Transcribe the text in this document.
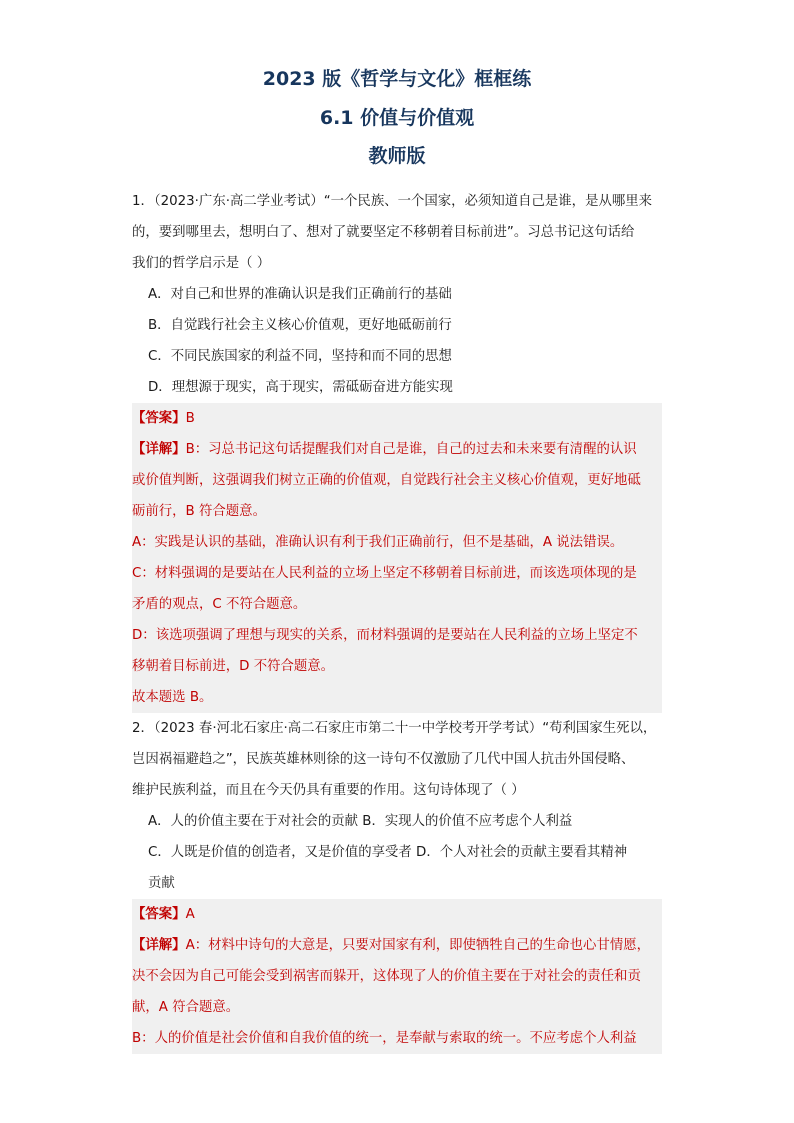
2023 版《哲学与文化》框框练
6.1 价值与价值观
教师版
1．（2023·广东·高二学业考试）“一个民族、一个国家，必须知道自己是谁，是从哪里来
的，要到哪里去，想明白了、想对了就要坚定不移朝着目标前进”。习总书记这句话给
我们的哲学启示是（ ）
A．对自己和世界的准确认识是我们正确前行的基础
B．自觉践行社会主义核心价值观，更好地砥砺前行
C．不同民族国家的利益不同，坚持和而不同的思想
D．理想源于现实，高于现实，需砥砺奋进方能实现
【答案】B
【详解】B：习总书记这句话提醒我们对自己是谁，自己的过去和未来要有清醒的认识
或价值判断，这强调我们树立正确的价值观，自觉践行社会主义核心价值观，更好地砥
砺前行，B 符合题意。
A：实践是认识的基础，准确认识有利于我们正确前行，但不是基础，A 说法错误。
C：材料强调的是要站在人民利益的立场上坚定不移朝着目标前进，而该选项体现的是
矛盾的观点，C 不符合题意。
D：该选项强调了理想与现实的关系，而材料强调的是要站在人民利益的立场上坚定不
移朝着目标前进，D 不符合题意。
故本题选 B。
2．（2023 春·河北石家庄·高二石家庄市第二十一中学校考开学考试）“苟利国家生死以，
岂因祸福避趋之”，民族英雄林则徐的这一诗句不仅激励了几代中国人抗击外国侵略、
维护民族利益，而且在今天仍具有重要的作用。这句诗体现了（ ）
A．人的价值主要在于对社会的贡献 B．实现人的价值不应考虑个人利益
C．人既是价值的创造者，又是价值的享受者 D．个人对社会的贡献主要看其精神
贡献
【答案】A
【详解】A：材料中诗句的大意是，只要对国家有利，即使牺牲自己的生命也心甘情愿，
决不会因为自己可能会受到祸害而躲开，这体现了人的价值主要在于对社会的责任和贡
献，A 符合题意。
B：人的价值是社会价值和自我价值的统一，是奉献与索取的统一。不应考虑个人利益
